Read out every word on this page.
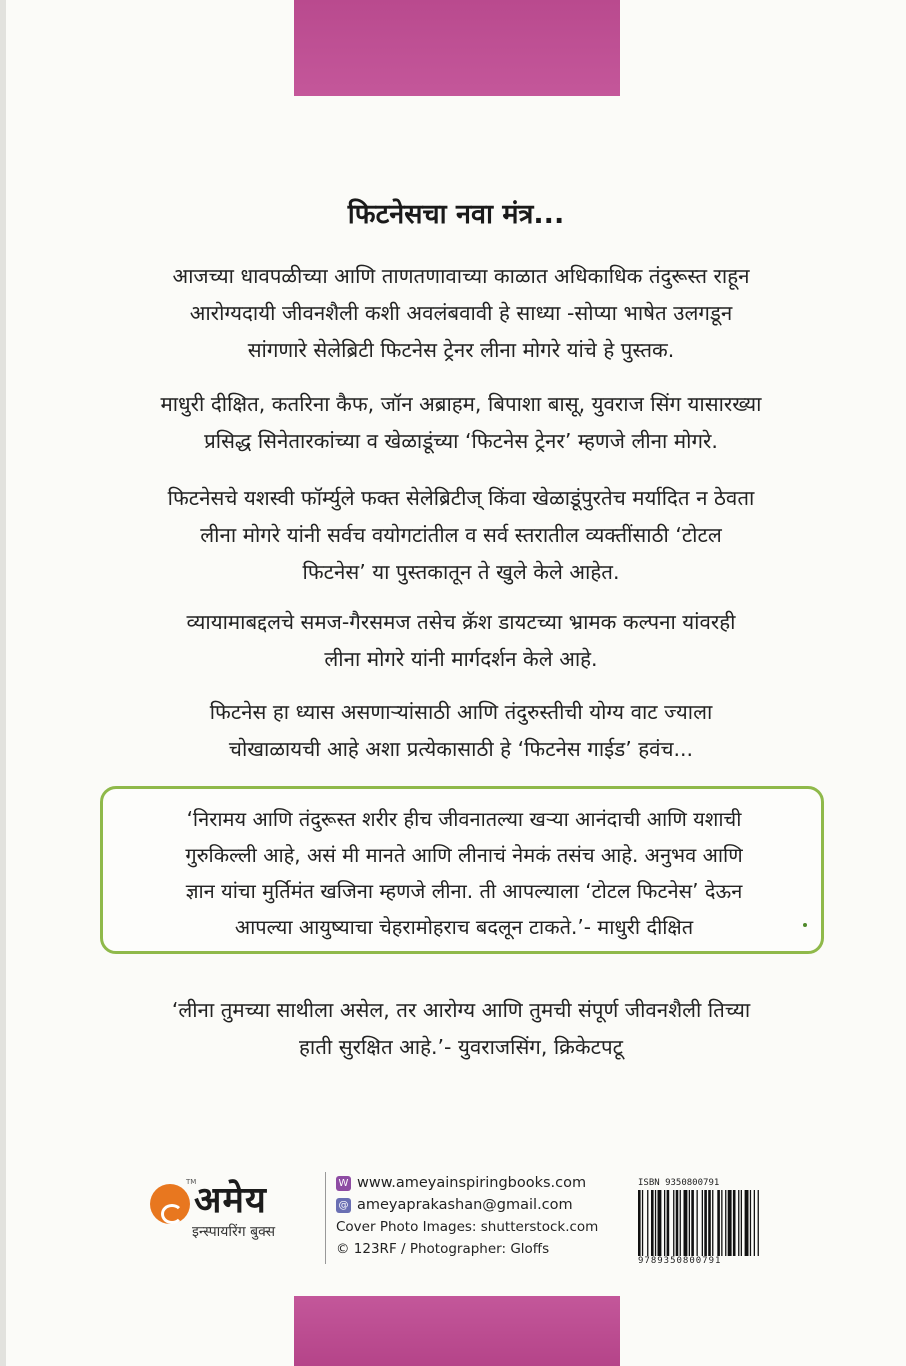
फिटनेसचा नवा मंत्र...

आजच्या धावपळीच्या आणि ताणतणावाच्या काळात अधिकाधिक तंदुरूस्त राहून

आरोग्यदायी जीवनशैली कशी अवलंबवावी हे साध्या -सोप्या भाषेत उलगडून

सांगणारे सेलेब्रिटी फिटनेस ट्रेनर लीना मोगरे यांचे हे पुस्तक.

माधुरी दीक्षित, कतरिना कैफ, जॉन अब्राहम, बिपाशा बासू, युवराज सिंग यासारख्या

प्रसिद्ध सिनेतारकांच्या व खेळाडूंच्या ‘फिटनेस ट्रेनर’ म्हणजे लीना मोगरे.

फिटनेसचे यशस्वी फॉर्म्युले फक्त सेलेब्रिटीज् किंवा खेळाडूंपुरतेच मर्यादित न ठेवता

लीना मोगरे यांनी सर्वच वयोगटांतील व सर्व स्तरातील व्यक्तींसाठी ‘टोटल

फिटनेस’ या पुस्तकातून ते खुले केले आहेत.

व्यायामाबद्दलचे समज-गैरसमज तसेच क्रॅश डायटच्या भ्रामक कल्पना यांवरही

लीना मोगरे यांनी मार्गदर्शन केले आहे.

फिटनेस हा ध्यास असणाऱ्यांसाठी आणि तंदुरुस्तीची योग्य वाट ज्याला

चोखाळायची आहे अशा प्रत्येकासाठी हे ‘फिटनेस गाईड’ हवंच...

‘निरामय आणि तंदुरूस्त शरीर हीच जीवनातल्या खऱ्या आनंदाची आणि यशाची

गुरुकिल्ली आहे, असं मी मानते आणि लीनाचं नेमकं तसंच आहे. अनुभव आणि

ज्ञान यांचा मुर्तिमंत खजिना म्हणजे लीना. ती आपल्याला ‘टोटल फिटनेस’ देऊन

आपल्या आयुष्याचा चेहरामोहराच बदलून टाकते.’- माधुरी दीक्षित

‘लीना तुमच्या साथीला असेल, तर आरोग्य आणि तुमची संपूर्ण जीवनशैली तिच्या

हाती सुरक्षित आहे.’- युवराजसिंग, क्रिकेटपटू

TM
अमेय
इन्स्पायरिंग बुक्स
W www.ameyainspiringbooks.com
@ ameyaprakashan@gmail.com
Cover Photo Images: shutterstock.com
© 123RF / Photographer: Gloffs
ISBN 9350800791
9789350800791
